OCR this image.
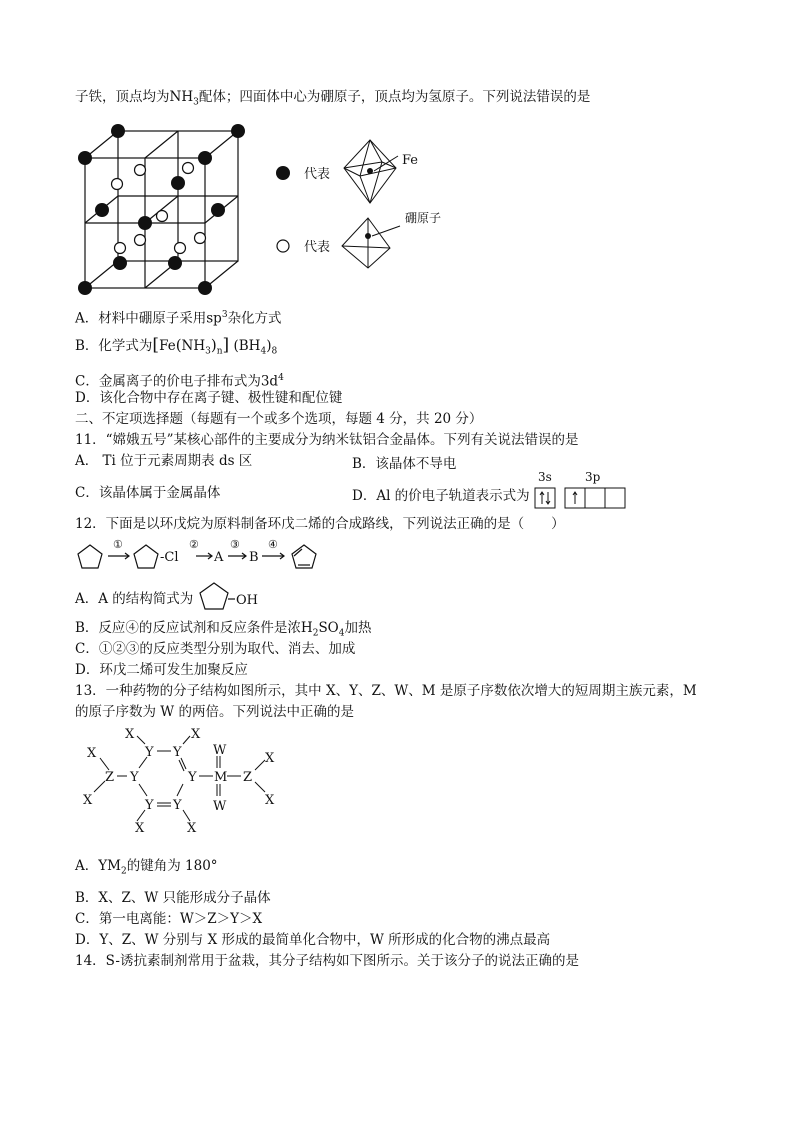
子铁，顶点均为$NH_3$配体；四面体中心为硼原子，顶点均为氢原子。下列说法错误的是
代表
Fe
代表
硼原子
A．材料中硼原子采用$sp^3$杂化方式
B．化学式为$[Fe(NH_3)_n]$ $(BH_4)_8$
C．金属离子的价电子排布式为$3d^4$
D．该化合物中存在离子键、极性键和配位键
二、不定项选择题（每题有一个或多个选项，每题 4 分，共 20 分）
11．“嫦娥五号”某核心部件的主要成分为纳米钛铝合金晶体。下列有关说法错误的是
A． Ti 位于元素周期表 ds 区	B．该晶体不导电
C．该晶体属于金属晶体	D．Al 的价电子轨道表示式为
3s	3p
12．下面是以环戊烷为原料制备环戊二烯的合成路线，下列说法正确的是（　　）
①
-Cl
②
A
③
B
④
A．A 的结构简式为	OH
B．反应④的反应试剂和反应条件是浓$H_2SO_4$加热
C．①②③的反应类型分别为取代、消去、加成
D．环戊二烯可发生加聚反应
13．一种药物的分子结构如图所示，其中 X、Y、Z、W、M 是原子序数依次增大的短周期主族元素，M
的原子序数为 W 的两倍。下列说法中正确的是
X
X
Z Y
X
Y Y
X
Y
W
M
W
Z
X
X
Y Y
X	X
A．$YM_2$的键角为 180°
B．X、Z、W 只能形成分子晶体
C．第一电离能：W＞Z＞Y＞X
D．Y、Z、W 分别与 X 形成的最简单化合物中，W 所形成的化合物的沸点最高
14．S-诱抗素制剂常用于盆栽，其分子结构如下图所示。关于该分子的说法正确的是
